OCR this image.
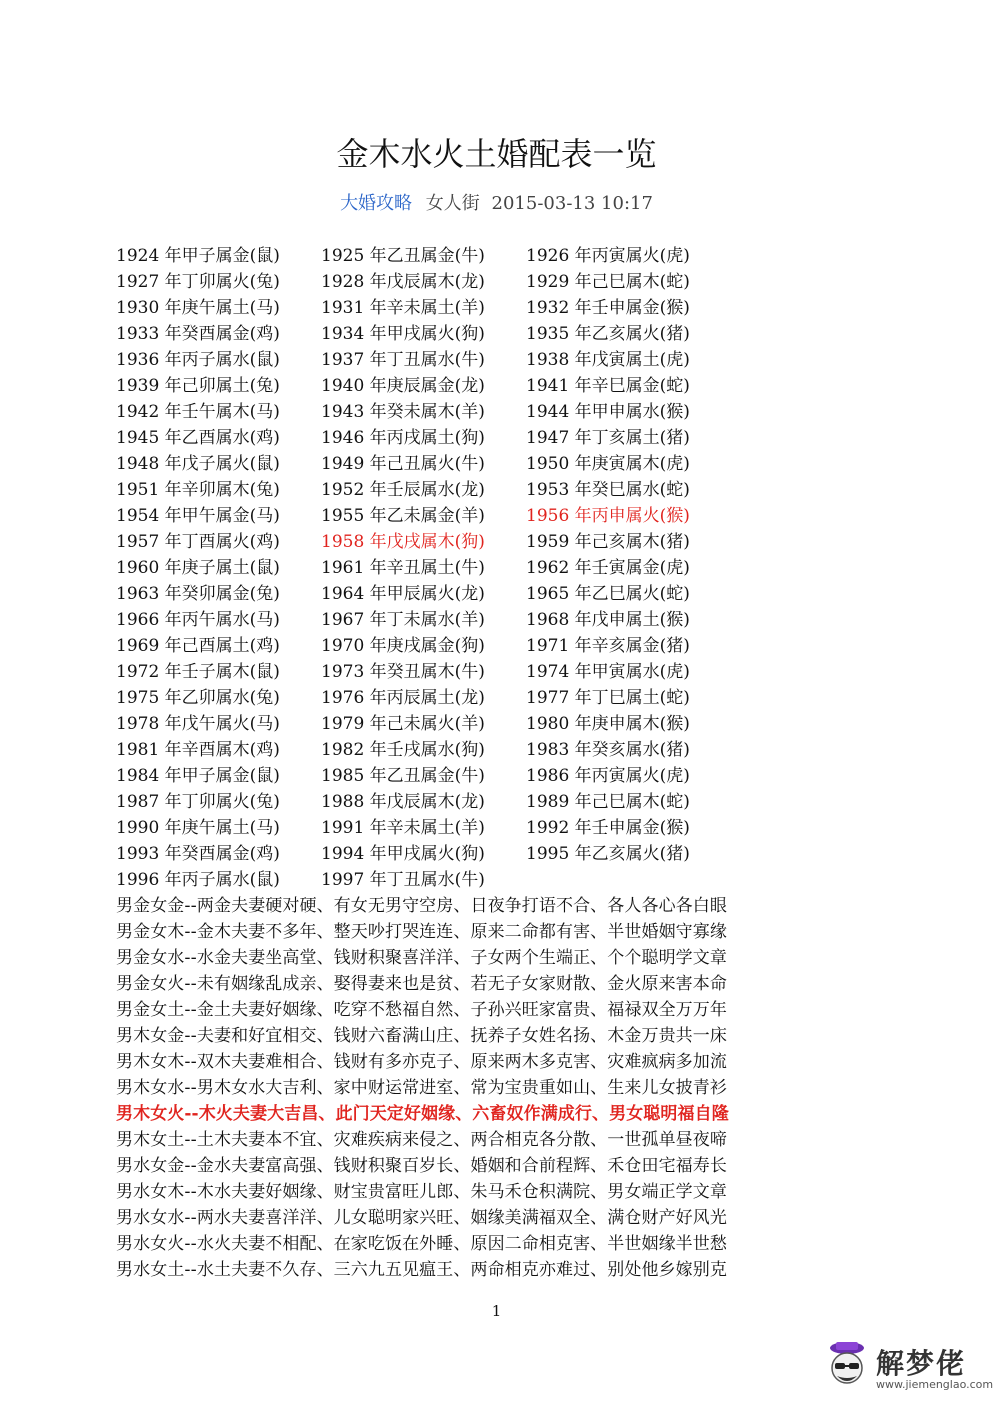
金木水火土婚配表一览
大婚攻略 女人街 2015-03-13 10:17
1924 年甲子属金(鼠) 1925 年乙丑属金(牛) 1926 年丙寅属火(虎)
1927 年丁卯属火(兔) 1928 年戊辰属木(龙) 1929 年己巳属木(蛇)
1930 年庚午属土(马) 1931 年辛未属土(羊) 1932 年壬申属金(猴)
1933 年癸酉属金(鸡) 1934 年甲戌属火(狗) 1935 年乙亥属火(猪)
1936 年丙子属水(鼠) 1937 年丁丑属水(牛) 1938 年戊寅属土(虎)
1939 年己卯属土(兔) 1940 年庚辰属金(龙) 1941 年辛巳属金(蛇)
1942 年壬午属木(马) 1943 年癸未属木(羊) 1944 年甲申属水(猴)
1945 年乙酉属水(鸡) 1946 年丙戌属土(狗) 1947 年丁亥属土(猪)
1948 年戊子属火(鼠) 1949 年己丑属火(牛) 1950 年庚寅属木(虎)
1951 年辛卯属木(兔) 1952 年壬辰属水(龙) 1953 年癸巳属水(蛇)
1954 年甲午属金(马) 1955 年乙未属金(羊) 1956 年丙申属火(猴)
1957 年丁酉属火(鸡) 1958 年戊戌属木(狗) 1959 年己亥属木(猪)
1960 年庚子属土(鼠) 1961 年辛丑属土(牛) 1962 年壬寅属金(虎)
1963 年癸卯属金(兔) 1964 年甲辰属火(龙) 1965 年乙巳属火(蛇)
1966 年丙午属水(马) 1967 年丁未属水(羊) 1968 年戊申属土(猴)
1969 年己酉属土(鸡) 1970 年庚戌属金(狗) 1971 年辛亥属金(猪)
1972 年壬子属木(鼠) 1973 年癸丑属木(牛) 1974 年甲寅属水(虎)
1975 年乙卯属水(兔) 1976 年丙辰属土(龙) 1977 年丁巳属土(蛇)
1978 年戊午属火(马) 1979 年己未属火(羊) 1980 年庚申属木(猴)
1981 年辛酉属木(鸡) 1982 年壬戌属水(狗) 1983 年癸亥属水(猪)
1984 年甲子属金(鼠) 1985 年乙丑属金(牛) 1986 年丙寅属火(虎)
1987 年丁卯属火(兔) 1988 年戊辰属木(龙) 1989 年己巳属木(蛇)
1990 年庚午属土(马) 1991 年辛未属土(羊) 1992 年壬申属金(猴)
1993 年癸酉属金(鸡) 1994 年甲戌属火(狗) 1995 年乙亥属火(猪)
1996 年丙子属水(鼠) 1997 年丁丑属水(牛)
男金女金--两金夫妻硬对硬、有女无男守空房、日夜争打语不合、各人各心各白眼
男金女木--金木夫妻不多年、整天吵打哭连连、原来二命都有害、半世婚姻守寡缘
男金女水--水金夫妻坐高堂、钱财积聚喜洋洋、子女两个生端正、个个聪明学文章
男金女火--未有姻缘乱成亲、娶得妻来也是贫、若无子女家财散、金火原来害本命
男金女土--金土夫妻好姻缘、吃穿不愁福自然、子孙兴旺家富贵、福禄双全万万年
男木女金--夫妻和好宜相交、钱财六畜满山庄、抚养子女姓名扬、木金万贵共一床
男木女木--双木夫妻难相合、钱财有多亦克子、原来两木多克害、灾难疯病多加流
男木女水--男木女水大吉利、家中财运常进室、常为宝贵重如山、生来儿女披青衫
男木女火--木火夫妻大吉昌、此门天定好姻缘、六畜奴作满成行、男女聪明福自隆
男木女土--土木夫妻本不宜、灾难疾病来侵之、两合相克各分散、一世孤单昼夜啼
男水女金--金水夫妻富高强、钱财积聚百岁长、婚姻和合前程辉、禾仓田宅福寿长
男水女木--木水夫妻好姻缘、财宝贵富旺儿郎、朱马禾仓积满院、男女端正学文章
男水女水--两水夫妻喜洋洋、儿女聪明家兴旺、姻缘美满福双全、满仓财产好风光
男水女火--水火夫妻不相配、在家吃饭在外睡、原因二命相克害、半世姻缘半世愁
男水女土--水土夫妻不久存、三六九五见瘟王、两命相克亦难过、别处他乡嫁别克
1
解梦佬
www.jiemenglao.com
